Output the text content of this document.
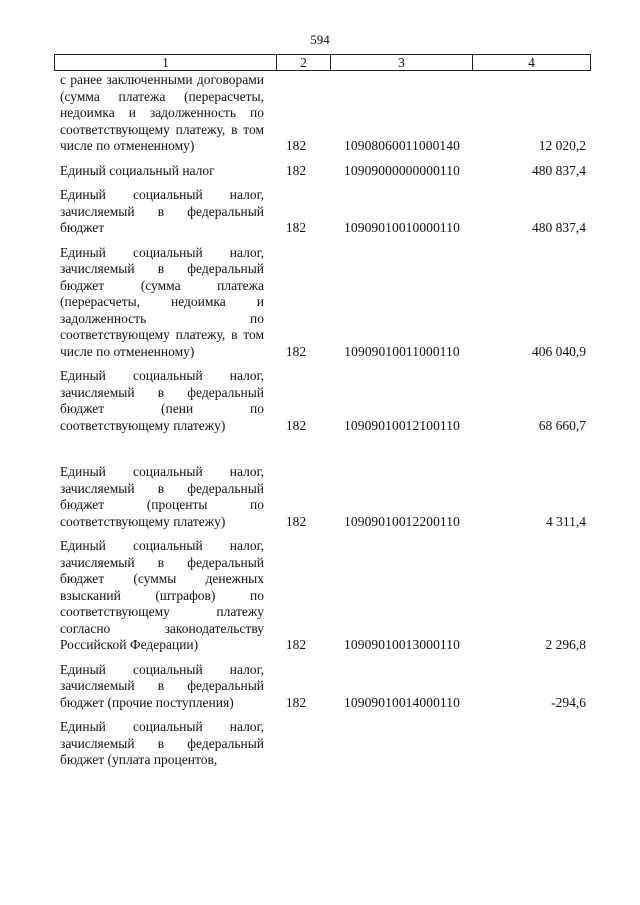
594
1	2	3	4
с ранее заключенными договорами (сумма платежа (перерасчеты, недоимка и задолженность по соответствующему платежу, в том числе по отмененному)	182	10908060011000140	12 020,2
Единый социальный налог	182	10909000000000110	480 837,4
Единый социальный налог, зачисляемый в федеральный бюджет	182	10909010010000110	480 837,4
Единый социальный налог, зачисляемый в федеральный бюджет (сумма платежа (перерасчеты, недоимка и задолженность по соответствующему платежу, в том числе по отмененному)	182	10909010011000110	406 040,9
Единый социальный налог, зачисляемый в федеральный бюджет (пени по соответствующему платежу)	182	10909010012100110	68 660,7
Единый социальный налог, зачисляемый в федеральный бюджет (проценты по соответствующему платежу)	182	10909010012200110	4 311,4
Единый социальный налог, зачисляемый в федеральный бюджет (суммы денежных взысканий (штрафов) по соответствующему платежу согласно законодательству Российской Федерации)	182	10909010013000110	2 296,8
Единый социальный налог, зачисляемый в федеральный бюджет (прочие поступления)	182	10909010014000110	-294,6
Единый социальный налог, зачисляемый в федеральный бюджет (уплата процентов,
